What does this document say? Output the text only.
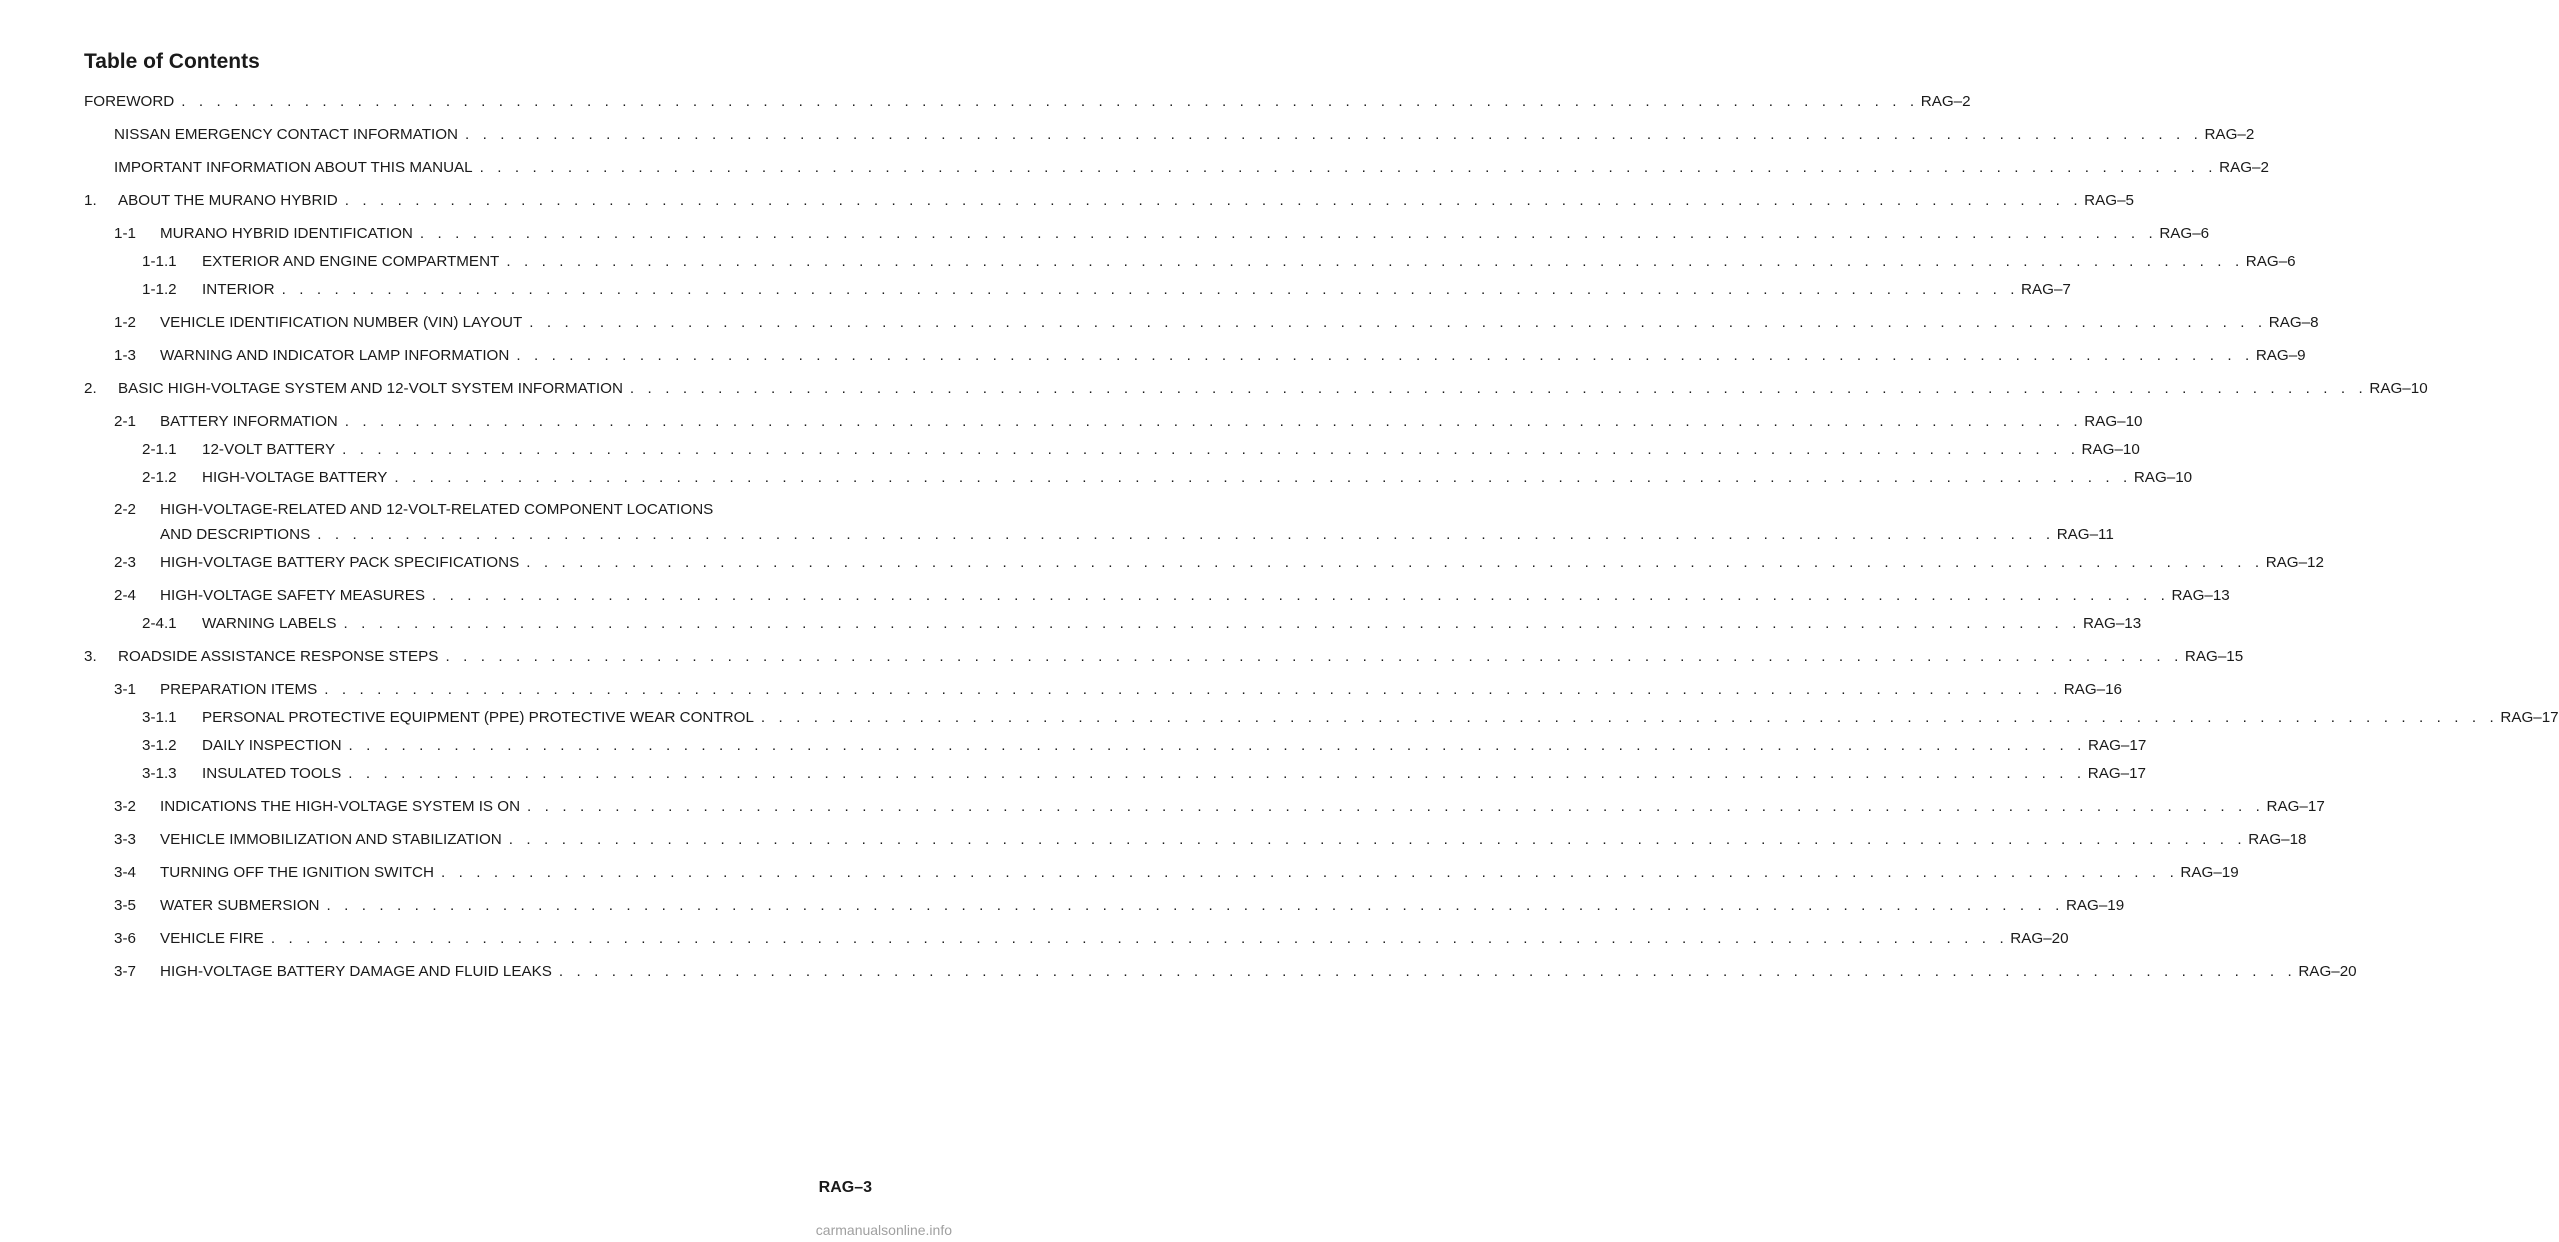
Table of Contents
FOREWORD . . . . . . . . . . . . . . . . . . . . . . . . . . . . . . . . . . . . . . . . . . . . . . . . . . . . . . . . . . . . . . . . . . . . . . . . . . . . . . . . . . . . . . . . . . . . . . . . . . . RAG–2
NISSAN EMERGENCY CONTACT INFORMATION . . . . . . . . . . . . . . . . . . . . . . . . . . . . . . . . . . . . . . . . . . . . . . . . . . . . . . . . . . . . . . . . . . . . . . . . . . . . . . . . . . . . . . . . . . . . . . . . . . . RAG–2
IMPORTANT INFORMATION ABOUT THIS MANUAL . . . . . . . . . . . . . . . . . . . . . . . . . . . . . . . . . . . . . . . . . . . . . . . . . . . . . . . . . . . . . . . . . . . . . . . . . . . . . . . . . . . . . . . . . . . . . . . . . . . RAG–2
1.	ABOUT THE MURANO HYBRID . . . . . . . . . . . . . . . . . . . . . . . . . . . . . . . . . . . . . . . . . . . . . . . . . . . . . . . . . . . . . . . . . . . . . . . . . . . . . . . . . . . . . . . . . . . . . . . . . . . RAG–5
1-1	MURANO HYBRID IDENTIFICATION . . . . . . . . . . . . . . . . . . . . . . . . . . . . . . . . . . . . . . . . . . . . . . . . . . . . . . . . . . . . . . . . . . . . . . . . . . . . . . . . . . . . . . . . . . . . . . . . . . . RAG–6
1-1.1	EXTERIOR AND ENGINE COMPARTMENT . . . . . . . . . . . . . . . . . . . . . . . . . . . . . . . . . . . . . . . . . . . . . . . . . . . . . . . . . . . . . . . . . . . . . . . . . . . . . . . . . . . . . . . . . . . . . . . . . . . RAG–6
1-1.2	INTERIOR . . . . . . . . . . . . . . . . . . . . . . . . . . . . . . . . . . . . . . . . . . . . . . . . . . . . . . . . . . . . . . . . . . . . . . . . . . . . . . . . . . . . . . . . . . . . . . . . . . . RAG–7
1-2	VEHICLE IDENTIFICATION NUMBER (VIN) LAYOUT . . . . . . . . . . . . . . . . . . . . . . . . . . . . . . . . . . . . . . . . . . . . . . . . . . . . . . . . . . . . . . . . . . . . . . . . . . . . . . . . . . . . . . . . . . . . . . . . . . . RAG–8
1-3	WARNING AND INDICATOR LAMP INFORMATION . . . . . . . . . . . . . . . . . . . . . . . . . . . . . . . . . . . . . . . . . . . . . . . . . . . . . . . . . . . . . . . . . . . . . . . . . . . . . . . . . . . . . . . . . . . . . . . . . . . RAG–9
2.	BASIC HIGH-VOLTAGE SYSTEM AND 12-VOLT SYSTEM INFORMATION . . . . . . . . . . . . . . . . . . . . . . . . . . . . . . . . . . . . . . . . . . . . . . . . . . . . . . . . . . . . . . . . . . . . . . . . . . . . . . . . . . . . . . . . . . . . . . . . . . . RAG–10
2-1	BATTERY INFORMATION . . . . . . . . . . . . . . . . . . . . . . . . . . . . . . . . . . . . . . . . . . . . . . . . . . . . . . . . . . . . . . . . . . . . . . . . . . . . . . . . . . . . . . . . . . . . . . . . . . . RAG–10
2-1.1	12-VOLT BATTERY . . . . . . . . . . . . . . . . . . . . . . . . . . . . . . . . . . . . . . . . . . . . . . . . . . . . . . . . . . . . . . . . . . . . . . . . . . . . . . . . . . . . . . . . . . . . . . . . . . . RAG–10
2-1.2	HIGH-VOLTAGE BATTERY . . . . . . . . . . . . . . . . . . . . . . . . . . . . . . . . . . . . . . . . . . . . . . . . . . . . . . . . . . . . . . . . . . . . . . . . . . . . . . . . . . . . . . . . . . . . . . . . . . . RAG–10
2-2	HIGH-VOLTAGE-RELATED AND 12-VOLT-RELATED COMPONENT LOCATIONS
AND DESCRIPTIONS . . . . . . . . . . . . . . . . . . . . . . . . . . . . . . . . . . . . . . . . . . . . . . . . . . . . . . . . . . . . . . . . . . . . . . . . . . . . . . . . . . . . . . . . . . . . . . . . . . . RAG–11
2-3	HIGH-VOLTAGE BATTERY PACK SPECIFICATIONS . . . . . . . . . . . . . . . . . . . . . . . . . . . . . . . . . . . . . . . . . . . . . . . . . . . . . . . . . . . . . . . . . . . . . . . . . . . . . . . . . . . . . . . . . . . . . . . . . . . RAG–12
2-4	HIGH-VOLTAGE SAFETY MEASURES . . . . . . . . . . . . . . . . . . . . . . . . . . . . . . . . . . . . . . . . . . . . . . . . . . . . . . . . . . . . . . . . . . . . . . . . . . . . . . . . . . . . . . . . . . . . . . . . . . . RAG–13
2-4.1	WARNING LABELS . . . . . . . . . . . . . . . . . . . . . . . . . . . . . . . . . . . . . . . . . . . . . . . . . . . . . . . . . . . . . . . . . . . . . . . . . . . . . . . . . . . . . . . . . . . . . . . . . . . RAG–13
3.	ROADSIDE ASSISTANCE RESPONSE STEPS . . . . . . . . . . . . . . . . . . . . . . . . . . . . . . . . . . . . . . . . . . . . . . . . . . . . . . . . . . . . . . . . . . . . . . . . . . . . . . . . . . . . . . . . . . . . . . . . . . . RAG–15
3-1	PREPARATION ITEMS . . . . . . . . . . . . . . . . . . . . . . . . . . . . . . . . . . . . . . . . . . . . . . . . . . . . . . . . . . . . . . . . . . . . . . . . . . . . . . . . . . . . . . . . . . . . . . . . . . . RAG–16
3-1.1	PERSONAL PROTECTIVE EQUIPMENT (PPE) PROTECTIVE WEAR CONTROL . . . . . . . . . . . . . . . . . . . . . . . . . . . . . . . . . . . . . . . . . . . . . . . . . . . . . . . . . . . . . . . . . . . . . . . . . . . . . . . . . . . . . . . . . . . . . . . . . . . RAG–17
3-1.2	DAILY INSPECTION . . . . . . . . . . . . . . . . . . . . . . . . . . . . . . . . . . . . . . . . . . . . . . . . . . . . . . . . . . . . . . . . . . . . . . . . . . . . . . . . . . . . . . . . . . . . . . . . . . . RAG–17
3-1.3	INSULATED TOOLS . . . . . . . . . . . . . . . . . . . . . . . . . . . . . . . . . . . . . . . . . . . . . . . . . . . . . . . . . . . . . . . . . . . . . . . . . . . . . . . . . . . . . . . . . . . . . . . . . . . RAG–17
3-2	INDICATIONS THE HIGH-VOLTAGE SYSTEM IS ON . . . . . . . . . . . . . . . . . . . . . . . . . . . . . . . . . . . . . . . . . . . . . . . . . . . . . . . . . . . . . . . . . . . . . . . . . . . . . . . . . . . . . . . . . . . . . . . . . . . RAG–17
3-3	VEHICLE IMMOBILIZATION AND STABILIZATION . . . . . . . . . . . . . . . . . . . . . . . . . . . . . . . . . . . . . . . . . . . . . . . . . . . . . . . . . . . . . . . . . . . . . . . . . . . . . . . . . . . . . . . . . . . . . . . . . . . RAG–18
3-4	TURNING OFF THE IGNITION SWITCH . . . . . . . . . . . . . . . . . . . . . . . . . . . . . . . . . . . . . . . . . . . . . . . . . . . . . . . . . . . . . . . . . . . . . . . . . . . . . . . . . . . . . . . . . . . . . . . . . . . RAG–19
3-5	WATER SUBMERSION . . . . . . . . . . . . . . . . . . . . . . . . . . . . . . . . . . . . . . . . . . . . . . . . . . . . . . . . . . . . . . . . . . . . . . . . . . . . . . . . . . . . . . . . . . . . . . . . . . . RAG–19
3-6	VEHICLE FIRE . . . . . . . . . . . . . . . . . . . . . . . . . . . . . . . . . . . . . . . . . . . . . . . . . . . . . . . . . . . . . . . . . . . . . . . . . . . . . . . . . . . . . . . . . . . . . . . . . . . RAG–20
3-7	HIGH-VOLTAGE BATTERY DAMAGE AND FLUID LEAKS . . . . . . . . . . . . . . . . . . . . . . . . . . . . . . . . . . . . . . . . . . . . . . . . . . . . . . . . . . . . . . . . . . . . . . . . . . . . . . . . . . . . . . . . . . . . . . . . . . . RAG–20
RAG–3
carmanualsonline.info
